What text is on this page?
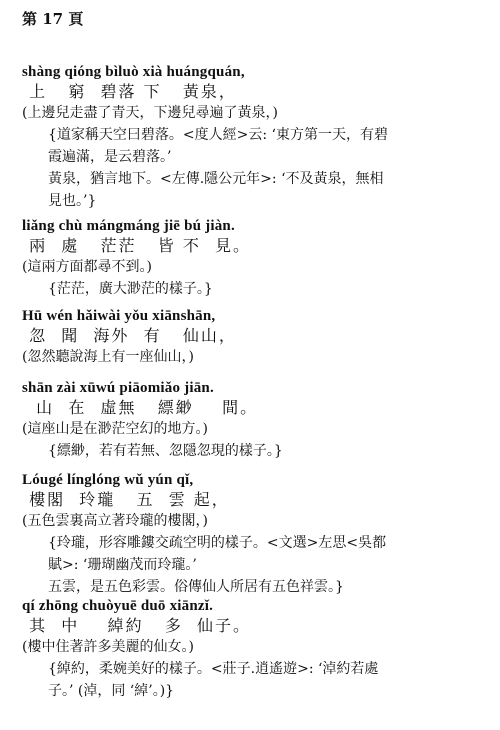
第 17 頁
shàng qióng bìluò xià huángquán,
上   窮  碧落 下   黃泉，
(上邊兒走盡了青天，下邊兒尋遍了黃泉，)
{道家稱天空曰碧落。<度人經>云: ‘東方第一天，有碧
霞遍滿，是云碧落。’
黃泉，猶言地下。<左傳.隱公元年>: ‘不及黃泉，無相
見也。’}
liǎng chù mángmáng jiē bú jiàn.
兩  處   茫茫   皆 不  見。
(這兩方面都尋不到。)
{茫茫，廣大渺茫的樣子。}
Hū wén hǎiwài yǒu xiānshān,
忽  聞  海外  有   仙山，
(忽然聽說海上有一座仙山，)
shān zài xūwú piāomiǎo jiān.
山  在  虛無   縹緲    間。
(這座山是在渺茫空幻的地方。)
{縹緲，若有若無、忽隱忽現的樣子。}
Lóugé línglóng wǔ yún qǐ,
樓閣  玲瓏   五  雲 起，
(五色雲裏高立著玲瓏的樓閣，)
{玲瓏，形容雕鏤交疏空明的樣子。<文選>左思<吳都
賦>: ‘珊瑚幽茂而玲瓏。’
五雲，是五色彩雲。俗傳仙人所居有五色祥雲。}
qí zhōng chuòyuē duō xiānzǐ.
其  中    綽約   多  仙子。
(樓中住著許多美麗的仙女。)
{綽約，柔婉美好的樣子。<莊子.逍遙遊>: ‘淖約若處
子。’ (淖，同 ‘綽’。)}
